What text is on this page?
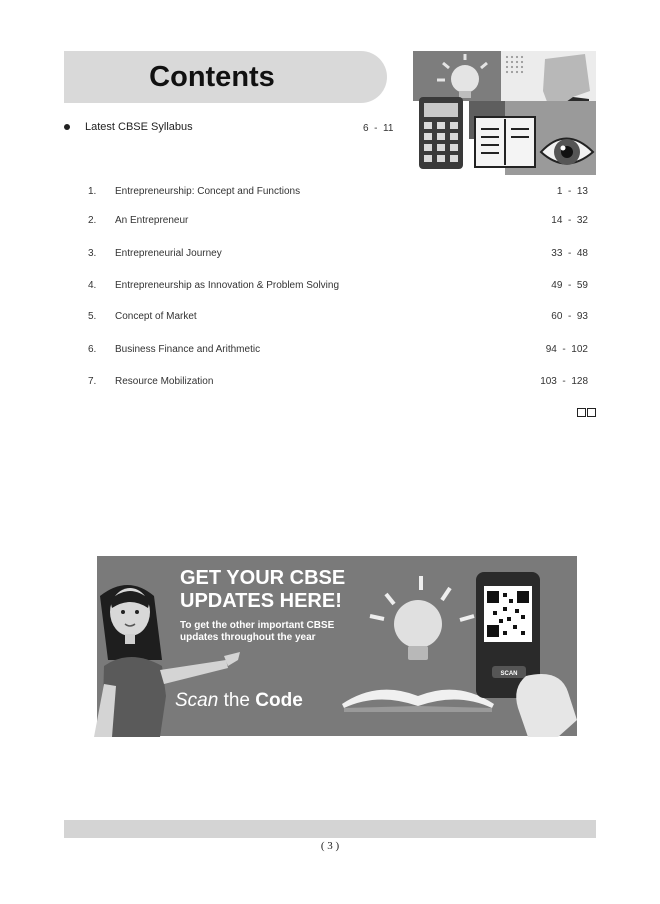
Contents
Latest CBSE Syllabus	6  -  11
1. Entrepreneurship: Concept and Functions	1  -  13
2. An Entrepreneur	14  -  32
3. Entrepreneurial Journey	33  -  48
4. Entrepreneurship as Innovation & Problem Solving	49  -  59
5. Concept of Market	60  -  93
6. Business Finance and Arithmetic	94  -  102
7. Resource Mobilization	103  -  128
GET YOUR CBSE
UPDATES HERE!
To get the other important CBSE
updates throughout the year
Scan the Code
SCAN
( 3 )
